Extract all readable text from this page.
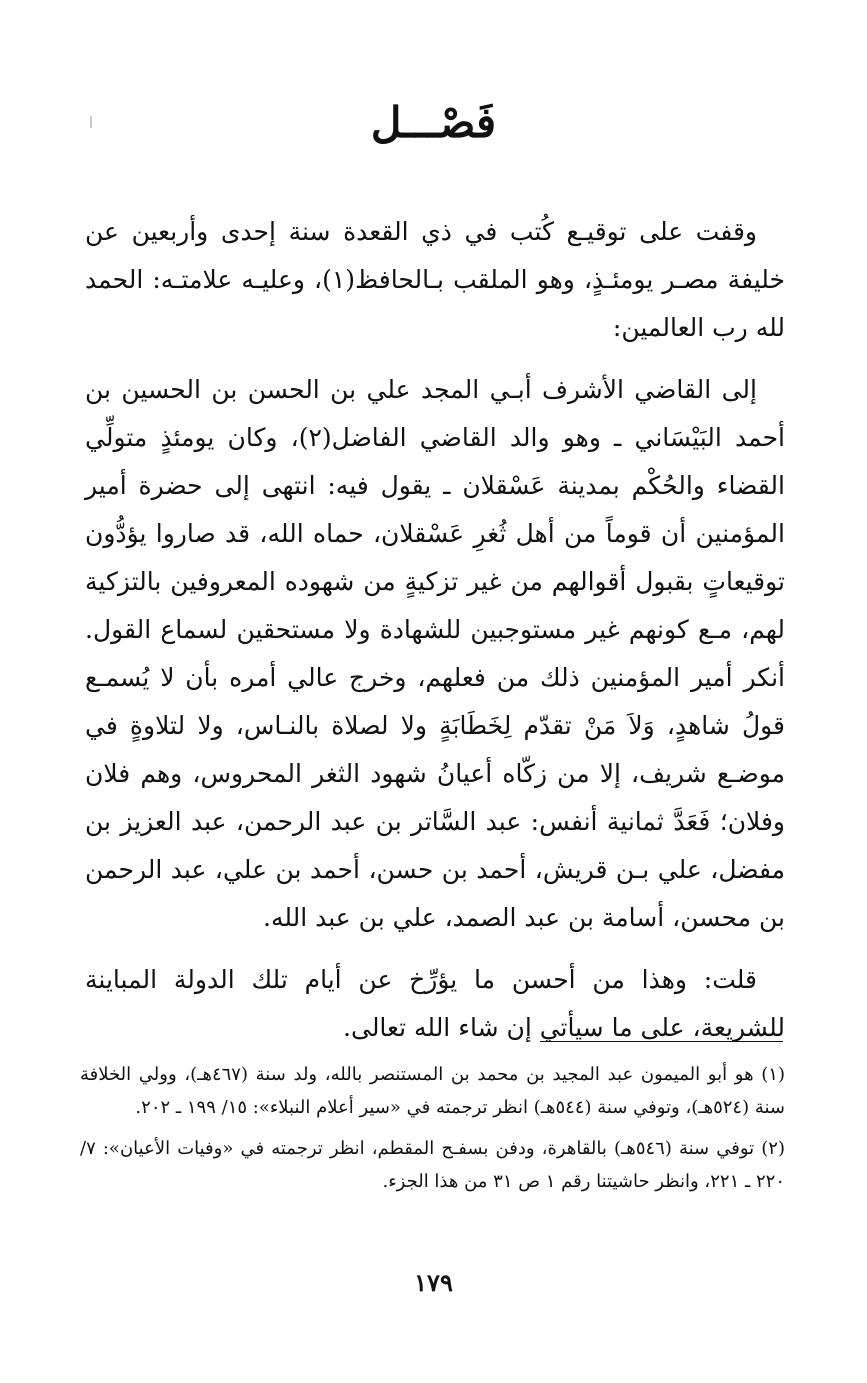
فَصْـــل

وقفت على توقيـع كُتب في ذي القعدة سنة إحدى وأربعين عن خليفة مصـر يومئـذٍ، وهو الملقب بـالحافظ(١)، وعليـه علامتـه: الحمد لله رب العالمين:

إلى القاضي الأشرف أبـي المجد علي بن الحسن بن الحسين بن أحمد البَيْسَاني ـ وهو والد القاضي الفاضل(٢)، وكان يومئذٍ متولِّي القضاء والحُكْم بمدينة عَسْقلان ـ يقول فيه: انتهى إلى حضرة أمير المؤمنين أن قوماً من أهل ثُغرِ عَسْقلان، حماه الله، قد صاروا يؤدُّون توقيعاتٍ بقبول أقوالهم من غير تزكيةٍ من شهوده المعروفين بالتزكية لهم، مـع كونهم غير مستوجبين للشهادة ولا مستحقين لسماع القول. أنكر أمير المؤمنين ذلك من فعلهم، وخرج عالي أمره بأن لا يُسمـع قولُ شاهدٍ، وَلاَ مَنْ تقدّم لِخَطَابَةٍ ولا لصلاة بالنـاس، ولا لتلاوةٍ في موضـع شريف، إلا من زكّاه أعيانُ شهود الثغر المحروس، وهم فلان وفلان؛ فَعَدَّ ثمانية أنفس: عبد السَّاتر بن عبد الرحمن، عبد العزيز بن مفضل، علي بـن قريش، أحمد بن حسن، أحمد بن علي، عبد الرحمن بن محسن، أسامة بن عبد الصمد، علي بن عبد الله.

قلت: وهذا من أحسن ما يؤرِّخ عن أيام تلك الدولة المباينة للشريعة، على ما سيأتي إن شاء الله تعالى.

(١) هو أبو الميمون عبد المجيد بن محمد بن المستنصر بالله، ولد سنة (٤٦٧هـ)، وولي الخلافة سنة (٥٢٤هـ)، وتوفي سنة (٥٤٤هـ) انظر ترجمته في «سير أعلام النبلاء»: ١٥/ ١٩٩ ـ ٢٠٢.

(٢) توفي سنة (٥٤٦هـ) بالقاهرة، ودفن بسفـح المقطم، انظر ترجمته في «وفيات الأعيان»: ٧/ ٢٢٠ ـ ٢٢١، وانظر حاشيتنا رقم ١ ص ٣١ من هذا الجزء.

١٧٩
